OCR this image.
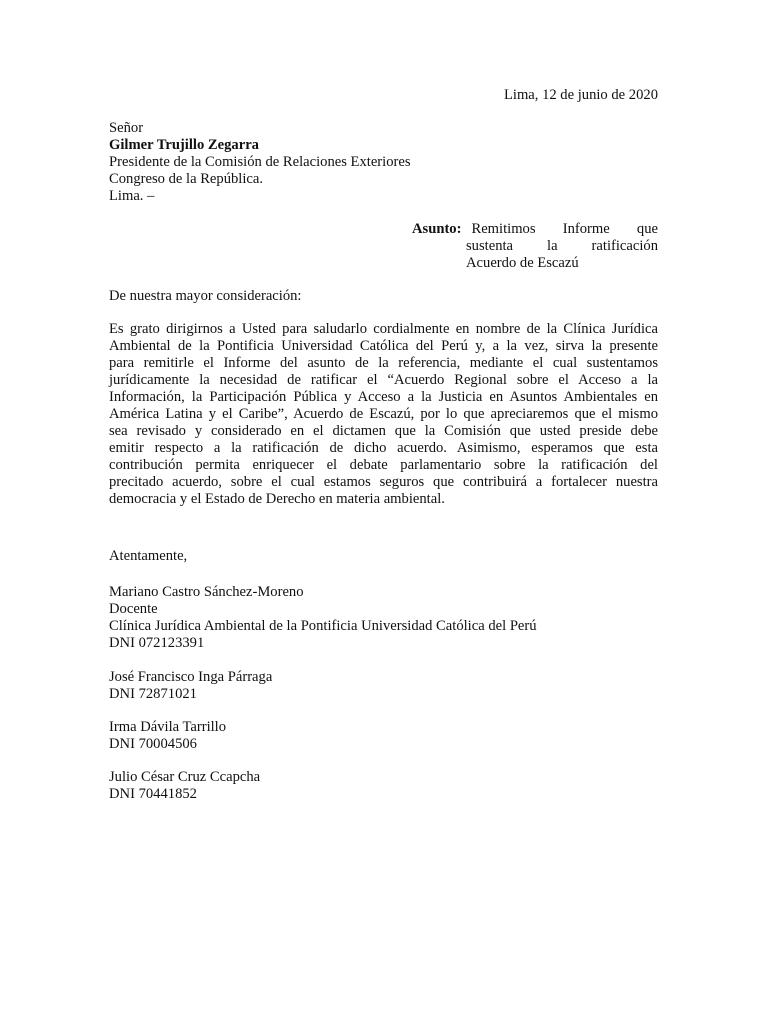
Lima, 12 de junio de 2020
Señor
Gilmer Trujillo Zegarra
Presidente de la Comisión de Relaciones Exteriores
Congreso de la República.
Lima. –
Asunto: Remitimos Informe que
sustenta la ratificación
Acuerdo de Escazú
De nuestra mayor consideración:
Es grato dirigirnos a Usted para saludarlo cordialmente en nombre de la Clínica Jurídica
Ambiental de la Pontificia Universidad Católica del Perú y, a la vez, sirva la presente
para remitirle el Informe del asunto de la referencia, mediante el cual sustentamos
jurídicamente la necesidad de ratificar el “Acuerdo Regional sobre el Acceso a la
Información, la Participación Pública y Acceso a la Justicia en Asuntos Ambientales en
América Latina y el Caribe”, Acuerdo de Escazú, por lo que apreciaremos que el mismo
sea revisado y considerado en el dictamen que la Comisión que usted preside debe
emitir respecto a la ratificación de dicho acuerdo. Asimismo, esperamos que esta
contribución permita enriquecer el debate parlamentario sobre la ratificación del
precitado acuerdo, sobre el cual estamos seguros que contribuirá a fortalecer nuestra
democracia y el Estado de Derecho en materia ambiental.
Atentamente,
Mariano Castro Sánchez-Moreno
Docente
Clínica Jurídica Ambiental de la Pontificia Universidad Católica del Perú
DNI 072123391
José Francisco Inga Párraga
DNI 72871021
Irma Dávila Tarrillo
DNI 70004506
Julio César Cruz Ccapcha
DNI 70441852
